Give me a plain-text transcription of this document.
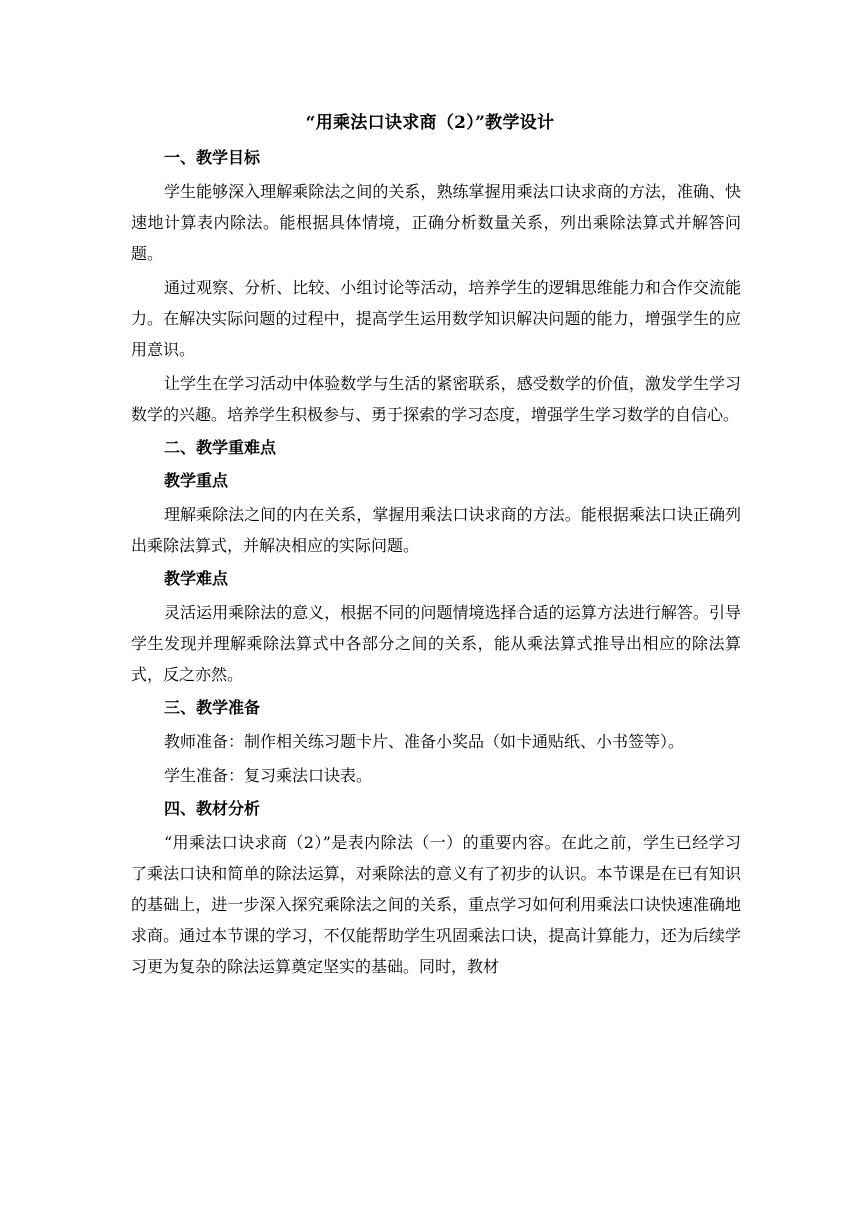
“用乘法口诀求商（2）”教学设计
一、教学目标

学生能够深入理解乘除法之间的关系，熟练掌握用乘法口诀求商的方法，准确、快速地计算表内除法。能根据具体情境，正确分析数量关系，列出乘除法算式并解答问题。

通过观察、分析、比较、小组讨论等活动，培养学生的逻辑思维能力和合作交流能力。在解决实际问题的过程中，提高学生运用数学知识解决问题的能力，增强学生的应用意识。

让学生在学习活动中体验数学与生活的紧密联系，感受数学的价值，激发学生学习数学的兴趣。培养学生积极参与、勇于探索的学习态度，增强学生学习数学的自信心。

二、教学重难点
教学重点

理解乘除法之间的内在关系，掌握用乘法口诀求商的方法。能根据乘法口诀正确列出乘除法算式，并解决相应的实际问题。

教学难点

灵活运用乘除法的意义，根据不同的问题情境选择合适的运算方法进行解答。引导学生发现并理解乘除法算式中各部分之间的关系，能从乘法算式推导出相应的除法算式，反之亦然。

三、教学准备

教师准备：制作相关练习题卡片、准备小奖品（如卡通贴纸、小书签等）。

学生准备：复习乘法口诀表。

四、教材分析

“用乘法口诀求商（2）”是表内除法（一）的重要内容。在此之前，学生已经学习了乘法口诀和简单的除法运算，对乘除法的意义有了初步的认识。本节课是在已有知识的基础上，进一步深入探究乘除法之间的关系，重点学习如何利用乘法口诀快速准确地求商。通过本节课的学习，不仅能帮助学生巩固乘法口诀，提高计算能力，还为后续学习更为复杂的除法运算奠定坚实的基础。同时，教材
